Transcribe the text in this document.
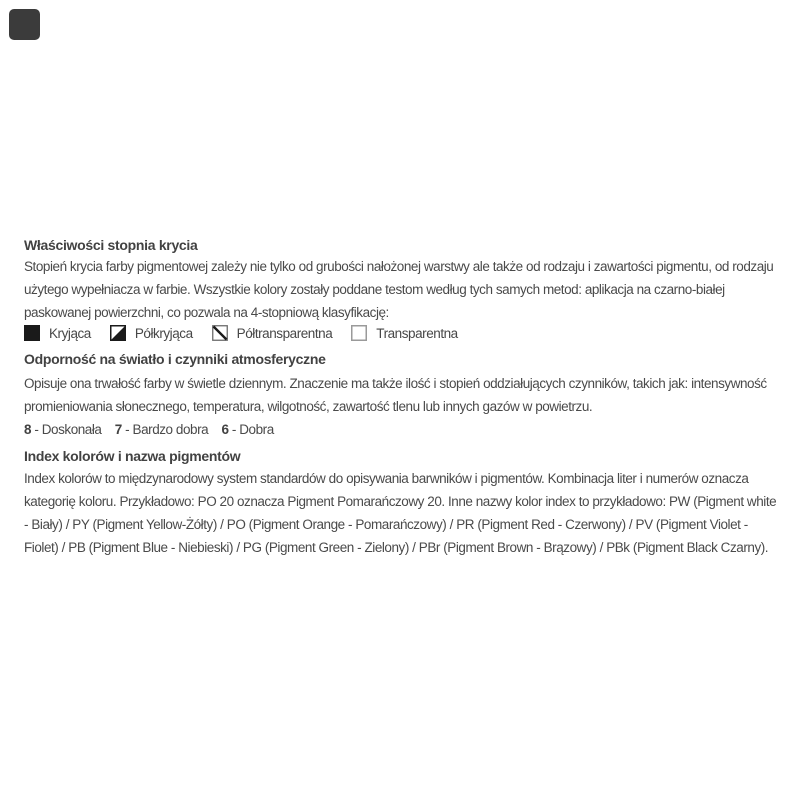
Właściwości stopnia krycia
Stopień krycia farby pigmentowej zależy nie tylko od grubości nałożonej warstwy ale także od rodzaju i zawartości pigmentu, od rodzaju użytego wypełniacza w farbie. Wszystkie kolory zostały poddane testom według tych samych metod: aplikacja na czarno-białej paskowanej powierzchni, co pozwala na 4-stopniową klasyfikację:
Kryjąca	Półkryjąca	Półtransparentna	Transparentna
Odporność na światło i czynniki atmosferyczne
Opisuje ona trwałość farby w świetle dziennym. Znaczenie ma także ilość i stopień oddziałujących czynników, takich jak: intensywność promieniowania słonecznego, temperatura, wilgotność, zawartość tlenu lub innych gazów w powietrzu.
8 - Doskonała 7 - Bardzo dobra 6 - Dobra
Index kolorów i nazwa pigmentów
Index kolorów to międzynarodowy system standardów do opisywania barwników i pigmentów. Kombinacja liter i numerów oznacza kategorię koloru. Przykładowo: PO 20 oznacza Pigment Pomarańczowy 20. Inne nazwy kolor index to przykładowo: PW (Pigment white - Biały) / PY (Pigment Yellow-Żółty) / PO (Pigment Orange - Pomarańczowy) / PR (Pigment Red - Czerwony) / PV (Pigment Violet - Fiolet) / PB (Pigment Blue - Niebieski) / PG (Pigment Green - Zielony) / PBr (Pigment Brown - Brązowy) / PBk (Pigment Black Czarny).
